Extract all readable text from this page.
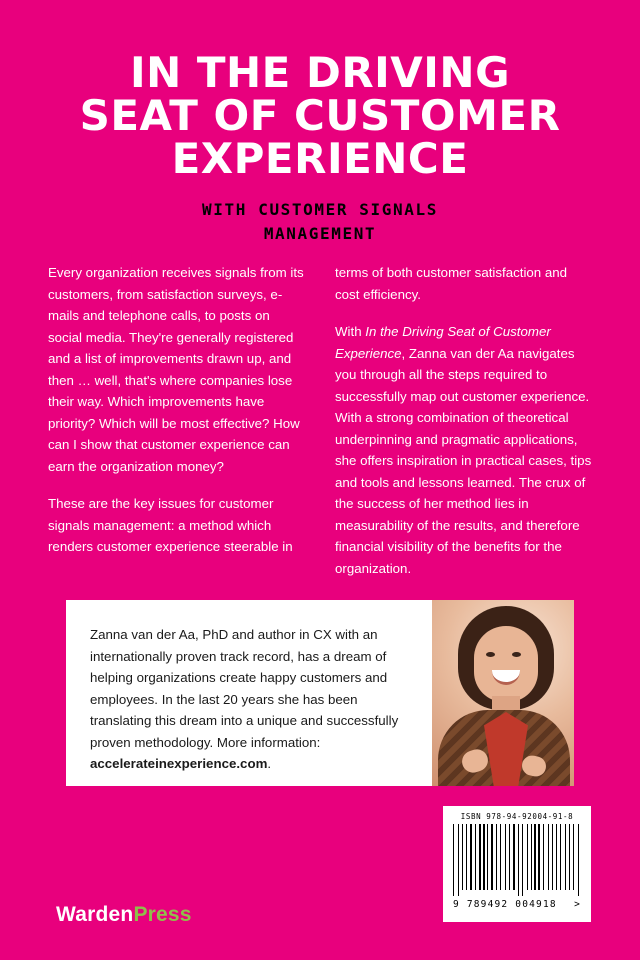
IN THE DRIVING
SEAT OF CUSTOMER
EXPERIENCE
WITH CUSTOMER SIGNALS
MANAGEMENT

Every organization receives signals from its customers, from satisfaction surveys, e-mails and telephone calls, to posts on social media. They're generally registered and a list of improvements drawn up, and then … well, that's where companies lose their way. Which improvements have priority? Which will be most effective? How can I show that customer experience can earn the organization money?

These are the key issues for customer signals management: a method which renders customer experience steerable in

terms of both customer satisfaction and cost efficiency.

With In the Driving Seat of Customer Experience, Zanna van der Aa navigates you through all the steps required to successfully map out customer experience. With a strong combination of theoretical underpinning and pragmatic applications, she offers inspiration in practical cases, tips and tools and lessons learned. The crux of the success of her method lies in measurability of the results, and therefore financial visibility of the benefits for the organization.

Zanna van der Aa, PhD and author in CX with an internationally proven track record, has a dream of helping organizations create happy customers and employees. In the last 20 years she has been translating this dream into a unique and successfully proven methodology. More information: accelerateinexperience.com.

ISBN 978-94-92004-91-8
9 789492 004918 >
WardenPress
